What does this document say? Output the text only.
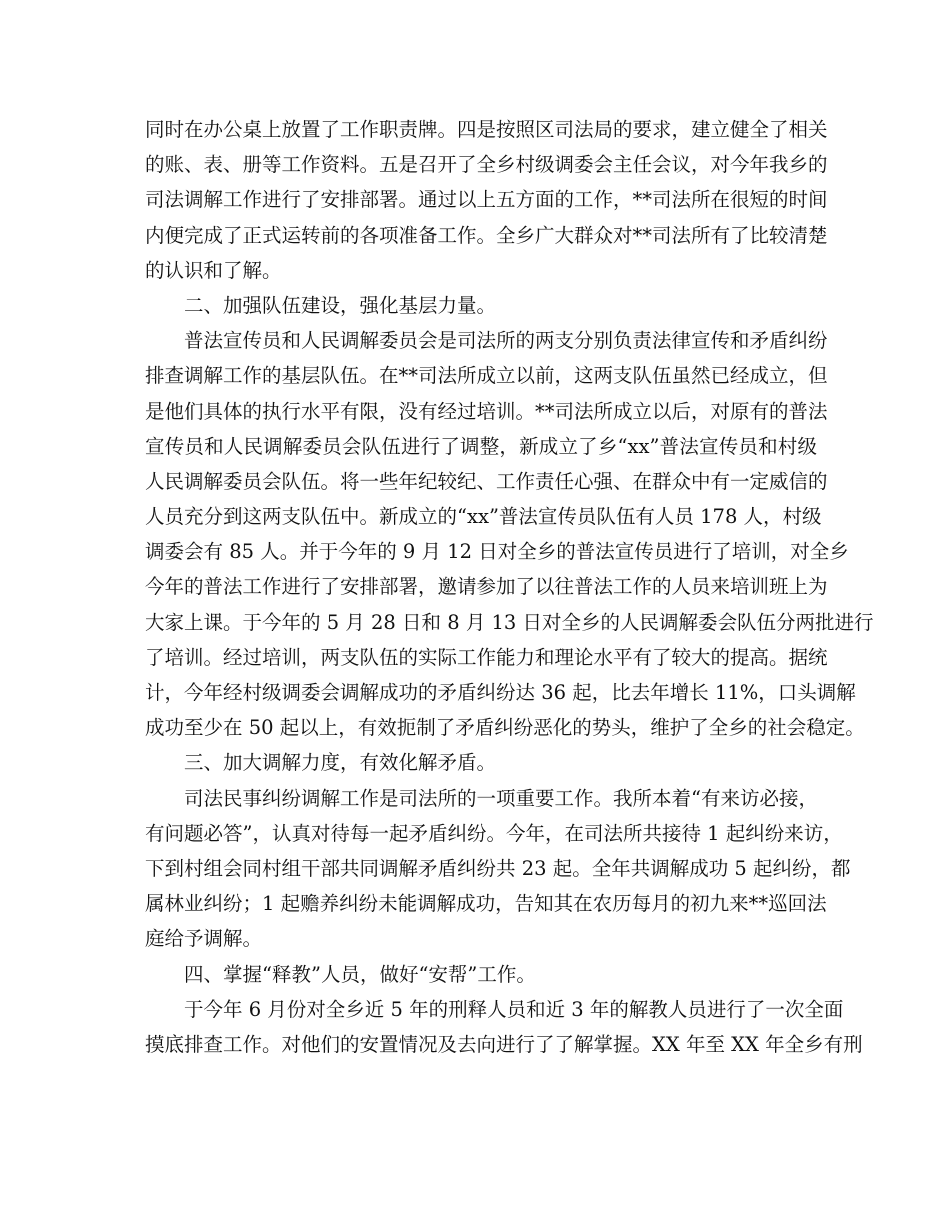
同时在办公桌上放置了工作职责牌。四是按照区司法局的要求，建立健全了相关
的账、表、册等工作资料。五是召开了全乡村级调委会主任会议，对今年我乡的
司法调解工作进行了安排部署。通过以上五方面的工作，**司法所在很短的时间
内便完成了正式运转前的各项准备工作。全乡广大群众对**司法所有了比较清楚
的认识和了解。
二、加强队伍建设，强化基层力量。
普法宣传员和人民调解委员会是司法所的两支分别负责法律宣传和矛盾纠纷
排查调解工作的基层队伍。在**司法所成立以前，这两支队伍虽然已经成立，但
是他们具体的执行水平有限，没有经过培训。**司法所成立以后，对原有的普法
宣传员和人民调解委员会队伍进行了调整，新成立了乡“xx”普法宣传员和村级
人民调解委员会队伍。将一些年纪较纪、工作责任心强、在群众中有一定威信的
人员充分到这两支队伍中。新成立的“xx”普法宣传员队伍有人员 178 人，村级
调委会有 85 人。并于今年的 9 月 12 日对全乡的普法宣传员进行了培训，对全乡
今年的普法工作进行了安排部署，邀请参加了以往普法工作的人员来培训班上为
大家上课。于今年的 5 月 28 日和 8 月 13 日对全乡的人民调解委会队伍分两批进行
了培训。经过培训，两支队伍的实际工作能力和理论水平有了较大的提高。据统
计，今年经村级调委会调解成功的矛盾纠纷达 36 起，比去年增长 11%，口头调解
成功至少在 50 起以上，有效扼制了矛盾纠纷恶化的势头，维护了全乡的社会稳定。
三、加大调解力度，有效化解矛盾。
司法民事纠纷调解工作是司法所的一项重要工作。我所本着“有来访必接，
有问题必答”，认真对待每一起矛盾纠纷。今年，在司法所共接待 1 起纠纷来访，
下到村组会同村组干部共同调解矛盾纠纷共 23 起。全年共调解成功 5 起纠纷，都
属林业纠纷；1 起赡养纠纷未能调解成功，告知其在农历每月的初九来**巡回法
庭给予调解。
四、掌握“释教”人员，做好“安帮”工作。
于今年 6 月份对全乡近 5 年的刑释人员和近 3 年的解教人员进行了一次全面
摸底排查工作。对他们的安置情况及去向进行了了解掌握。XX 年至 XX 年全乡有刑
